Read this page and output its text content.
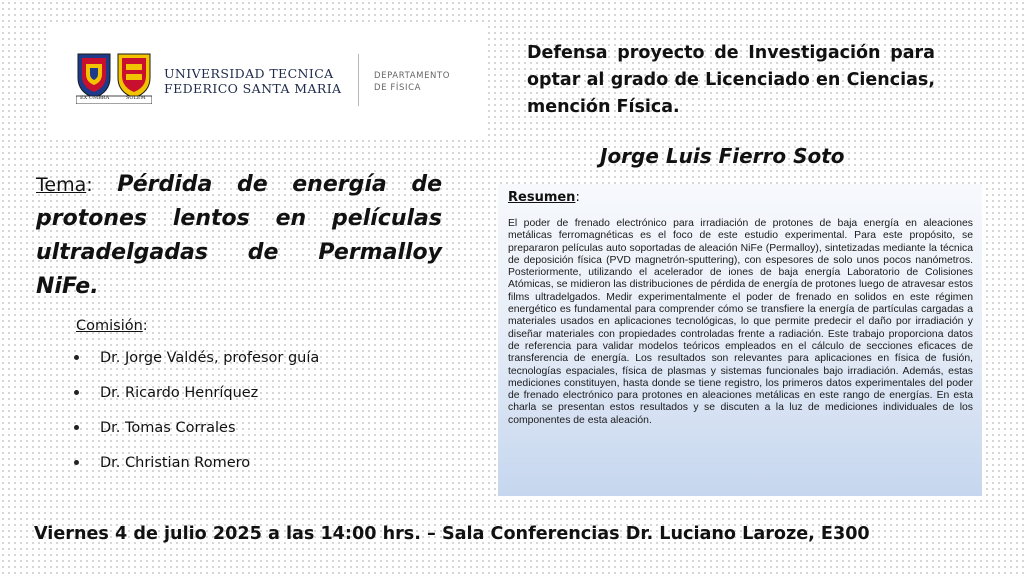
EX UMBRA	SOLEM
UNIVERSIDAD TECNICA
FEDERICO SANTA MARIA
DEPARTAMENTO
DE FÍSICA
Defensa proyecto de Investigación para optar al grado de Licenciado en Ciencias, mención Física.
Jorge Luis Fierro Soto
Tema: Pérdida de energía de protones lentos en películas ultradelgadas de Permalloy NiFe.
Comisión:
Dr. Jorge Valdés, profesor guía
Dr. Ricardo Henríquez
Dr. Tomas Corrales
Dr. Christian Romero
Resumen:
El poder de frenado electrónico para irradiación de protones de baja energía en aleaciones metálicas ferromagnéticas es el foco de este estudio experimental. Para este propósito, se prepararon películas auto soportadas de aleación NiFe (Permalloy), sintetizadas mediante la técnica de deposición física (PVD magnetrón-sputtering), con espesores de solo unos pocos nanómetros. Posteriormente, utilizando el acelerador de iones de baja energía Laboratorio de Colisiones Atómicas, se midieron las distribuciones de pérdida de energía de protones luego de atravesar estos films ultradelgados. Medir experimentalmente el poder de frenado en solidos en este régimen energético es fundamental para comprender cómo se transfiere la energía de partículas cargadas a materiales usados en aplicaciones tecnológicas, lo que permite predecir el daño por irradiación y diseñar materiales con propiedades controladas frente a radiación. Este trabajo proporciona datos de referencia para validar modelos teóricos empleados en el cálculo de secciones eficaces de transferencia de energía. Los resultados son relevantes para aplicaciones en física de fusión, tecnologías espaciales, física de plasmas y sistemas funcionales bajo irradiación. Además, estas mediciones constituyen, hasta donde se tiene registro, los primeros datos experimentales del poder de frenado electrónico para protones en aleaciones metálicas en este rango de energías. En esta charla se presentan estos resultados y se discuten a la luz de mediciones individuales de los componentes de esta aleación.
Viernes 4 de julio 2025 a las 14:00 hrs. – Sala Conferencias Dr. Luciano Laroze, E300
